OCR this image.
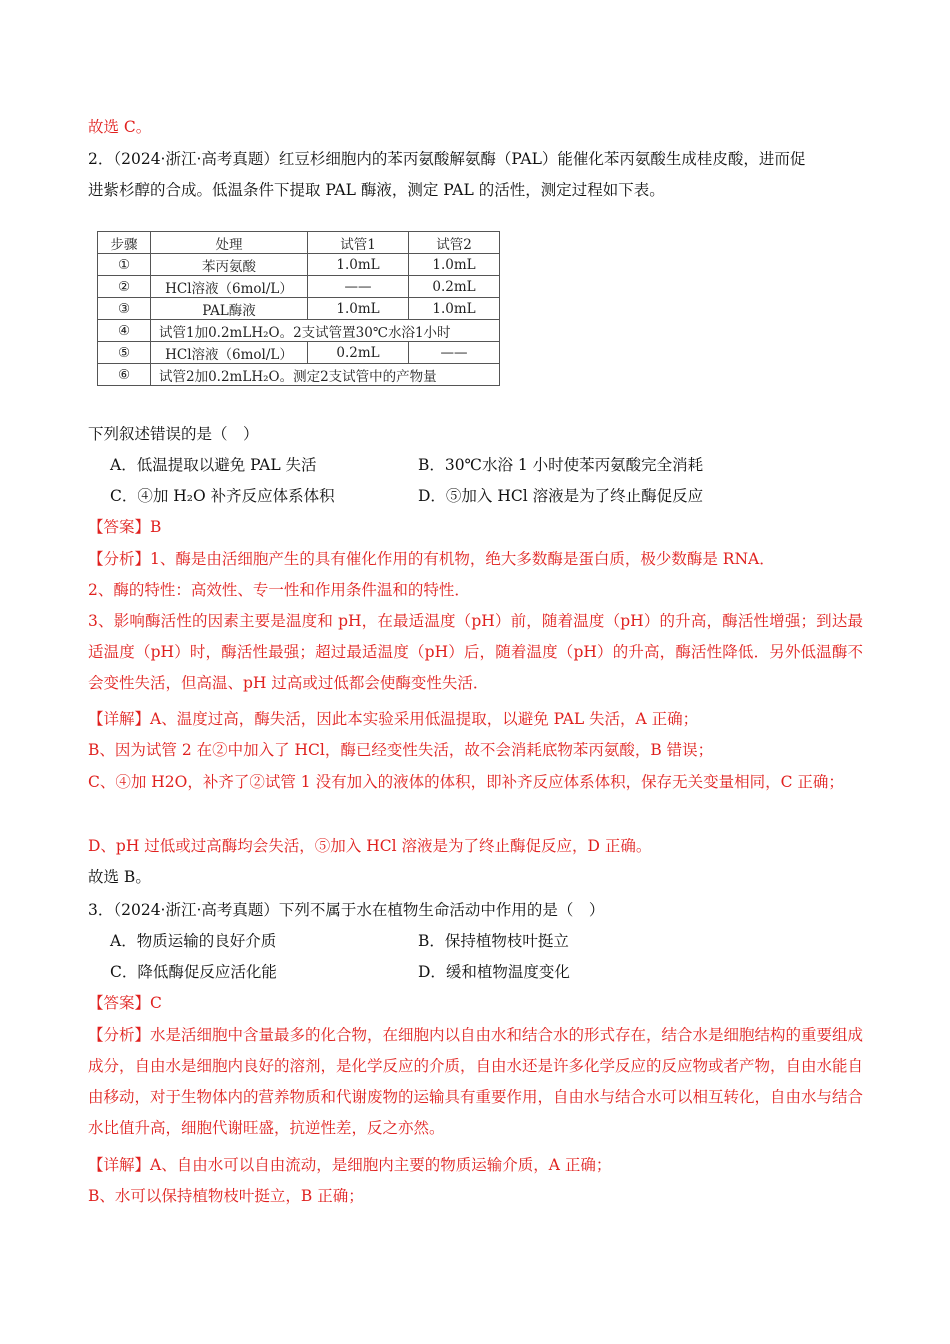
故选 C。
2．（2024·浙江·高考真题）红豆杉细胞内的苯丙氨酸解氨酶（PAL）能催化苯丙氨酸生成桂皮酸，进而促
进紫杉醇的合成。低温条件下提取 PAL 酶液，测定 PAL 的活性，测定过程如下表。
步骤	处理	试管1	试管2
①	苯丙氨酸	1.0mL	1.0mL
②	HCl溶液（6mol/L）	——	0.2mL
③	PAL酶液	1.0mL	1.0mL
④	试管1加0.2mLH₂O。2支试管置30℃水浴1小时		
⑤	HCl溶液（6mol/L）	0.2mL	——
⑥	试管2加0.2mLH₂O。测定2支试管中的产物量		
下列叙述错误的是（　）
A．低温提取以避免 PAL 失活	B．30℃水浴 1 小时使苯丙氨酸完全消耗
C．④加 H₂O 补齐反应体系体积	D．⑤加入 HCl 溶液是为了终止酶促反应
【答案】B
【分析】1、酶是由活细胞产生的具有催化作用的有机物，绝大多数酶是蛋白质，极少数酶是 RNA．
2、酶的特性：高效性、专一性和作用条件温和的特性．
3、影响酶活性的因素主要是温度和 pH，在最适温度（pH）前，随着温度（pH）的升高，酶活性增强；到达最适温度（pH）时，酶活性最强；超过最适温度（pH）后，随着温度（pH）的升高，酶活性降低．另外低温酶不会变性失活，但高温、pH 过高或过低都会使酶变性失活．
【详解】A、温度过高，酶失活，因此本实验采用低温提取，以避免 PAL 失活，A 正确；
B、因为试管 2 在②中加入了 HCl，酶已经变性失活，故不会消耗底物苯丙氨酸，B 错误；
C、④加 H2O，补齐了②试管 1 没有加入的液体的体积，即补齐反应体系体积，保存无关变量相同，C 正确；
D、pH 过低或过高酶均会失活，⑤加入 HCl 溶液是为了终止酶促反应，D 正确。
故选 B。
3．（2024·浙江·高考真题）下列不属于水在植物生命活动中作用的是（　）
A．物质运输的良好介质	B．保持植物枝叶挺立
C．降低酶促反应活化能	D．缓和植物温度变化
【答案】C
【分析】水是活细胞中含量最多的化合物，在细胞内以自由水和结合水的形式存在，结合水是细胞结构的重要组成成分，自由水是细胞内良好的溶剂，是化学反应的介质，自由水还是许多化学反应的反应物或者产物，自由水能自由移动，对于生物体内的营养物质和代谢废物的运输具有重要作用，自由水与结合水可以相互转化，自由水与结合水比值升高，细胞代谢旺盛，抗逆性差，反之亦然。
【详解】A、自由水可以自由流动，是细胞内主要的物质运输介质，A 正确；
B、水可以保持植物枝叶挺立，B 正确；
